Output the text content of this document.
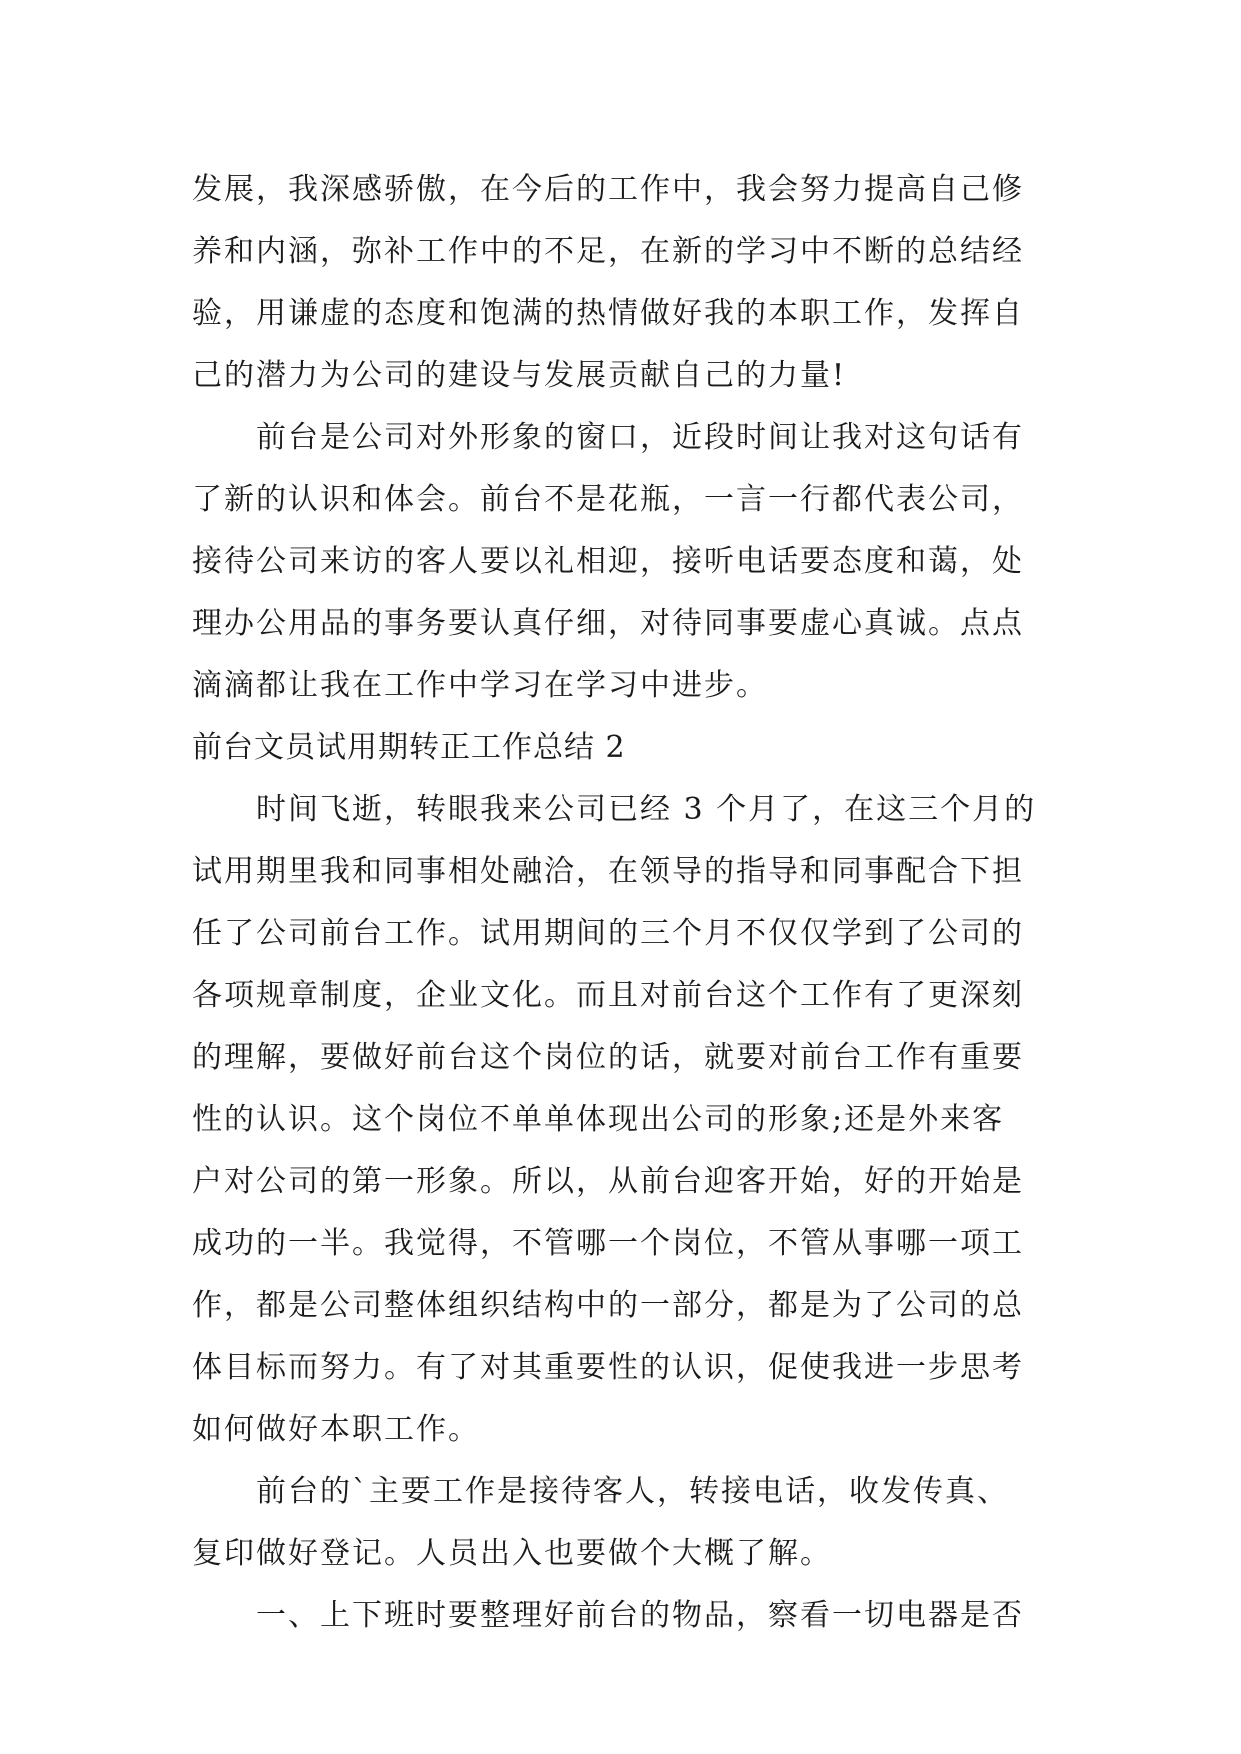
发展，我深感骄傲，在今后的工作中，我会努力提高自己修
养和内涵，弥补工作中的不足，在新的学习中不断的总结经
验，用谦虚的态度和饱满的热情做好我的本职工作，发挥自
己的潜力为公司的建设与发展贡献自己的力量!
前台是公司对外形象的窗口，近段时间让我对这句话有
了新的认识和体会。前台不是花瓶，一言一行都代表公司，
接待公司来访的客人要以礼相迎，接听电话要态度和蔼，处
理办公用品的事务要认真仔细，对待同事要虚心真诚。点点
滴滴都让我在工作中学习在学习中进步。
前台文员试用期转正工作总结 2
时间飞逝，转眼我来公司已经 3 个月了，在这三个月的
试用期里我和同事相处融洽，在领导的指导和同事配合下担
任了公司前台工作。试用期间的三个月不仅仅学到了公司的
各项规章制度，企业文化。而且对前台这个工作有了更深刻
的理解，要做好前台这个岗位的话，就要对前台工作有重要
性的认识。这个岗位不单单体现出公司的形象;还是外来客
户对公司的第一形象。所以，从前台迎客开始，好的开始是
成功的一半。我觉得，不管哪一个岗位，不管从事哪一项工
作，都是公司整体组织结构中的一部分，都是为了公司的总
体目标而努力。有了对其重要性的认识，促使我进一步思考
如何做好本职工作。
前台的`主要工作是接待客人，转接电话，收发传真、
复印做好登记。人员出入也要做个大概了解。
一、上下班时要整理好前台的物品，察看一切电器是否
